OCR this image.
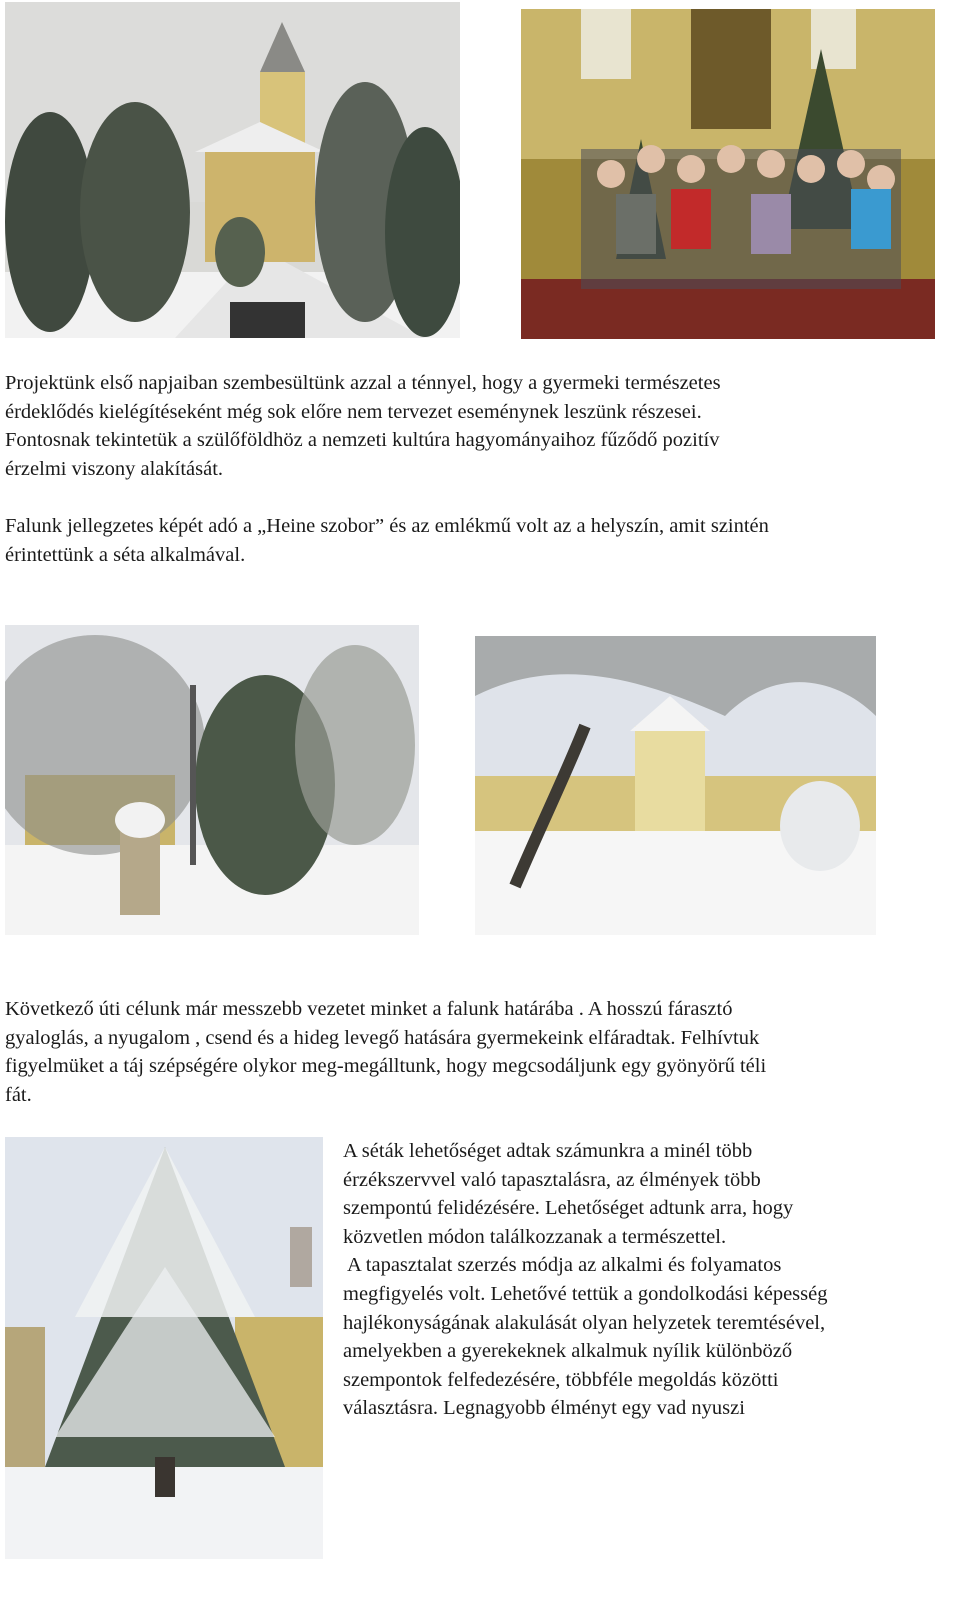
Projektünk első napjaiban szembesültünk azzal a ténnyel, hogy a gyermeki természetes
érdeklődés kielégítéseként még sok előre nem tervezet eseménynek leszünk részesei.
Fontosnak tekintetük a szülőföldhöz a nemzeti kultúra hagyományaihoz fűződő pozitív
érzelmi viszony alakítását.

Falunk jellegzetes képét adó a „Heine szobor” és az emlékmű volt az a helyszín, amit szintén
érintettünk a séta alkalmával.

Következő úti célunk már messzebb vezetet minket a falunk határába . A hosszú fárasztó
gyaloglás, a nyugalom , csend és a hideg levegő hatására gyermekeink elfáradtak. Felhívtuk
figyelmüket a táj szépségére olykor meg-megálltunk, hogy megcsodáljunk egy gyönyörű téli
fát.

A séták lehetőséget adtak számunkra a minél több
érzékszervvel való tapasztalásra, az élmények több
szempontú felidézésére. Lehetőséget adtunk arra, hogy
közvetlen módon találkozzanak a természettel.
A tapasztalat szerzés módja az alkalmi és folyamatos
megfigyelés volt. Lehetővé tettük a gondolkodási képesség
hajlékonyságának alakulását olyan helyzetek teremtésével,
amelyekben a gyerekeknek alkalmuk nyílik különböző
szempontok felfedezésére, többféle megoldás közötti
választásra. Legnagyobb élményt egy vad nyuszi
